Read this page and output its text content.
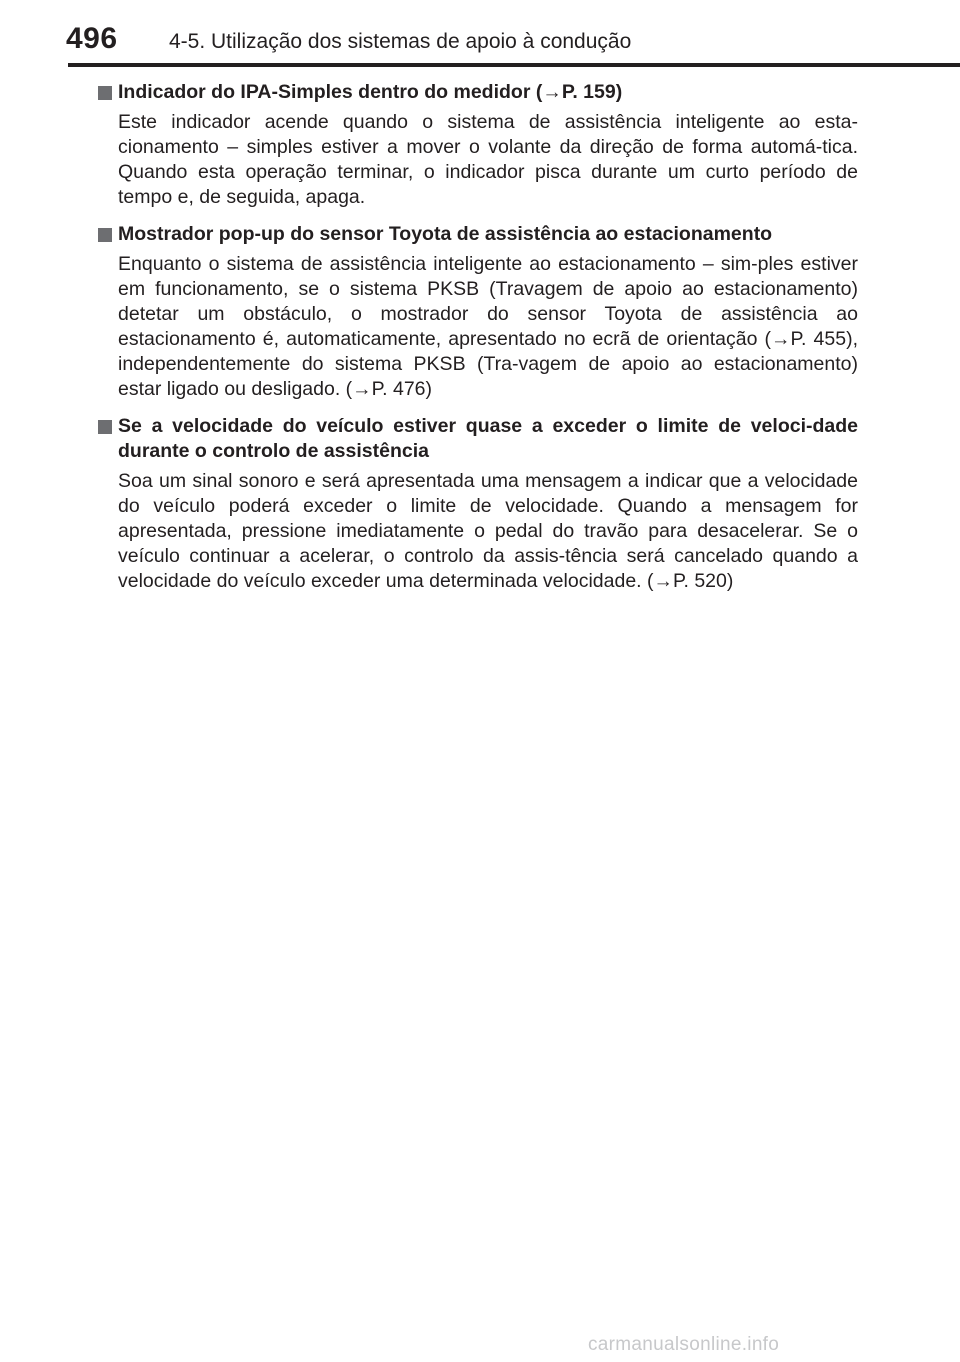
496 4-5. Utilização dos sistemas de apoio à condução

Indicador do IPA-Simples dentro do medidor (→P. 159)

Este indicador acende quando o sistema de assistência inteligente ao esta-cionamento – simples estiver a mover o volante da direção de forma automá-tica. Quando esta operação terminar, o indicador pisca durante um curto período de tempo e, de seguida, apaga.

Mostrador pop-up do sensor Toyota de assistência ao estacionamento

Enquanto o sistema de assistência inteligente ao estacionamento – sim-ples estiver em funcionamento, se o sistema PKSB (Travagem de apoio ao estacionamento) detetar um obstáculo, o mostrador do sensor Toyota de assistência ao estacionamento é, automaticamente, apresentado no ecrã de orientação (→P. 455), independentemente do sistema PKSB (Tra-vagem de apoio ao estacionamento) estar ligado ou desligado. (→P. 476)

Se a velocidade do veículo estiver quase a exceder o limite de veloci-dade durante o controlo de assistência

Soa um sinal sonoro e será apresentada uma mensagem a indicar que a velocidade do veículo poderá exceder o limite de velocidade. Quando a mensagem for apresentada, pressione imediatamente o pedal do travão para desacelerar. Se o veículo continuar a acelerar, o controlo da assis-tência será cancelado quando a velocidade do veículo exceder uma determinada velocidade. (→P. 520)

carmanualsonline.info
